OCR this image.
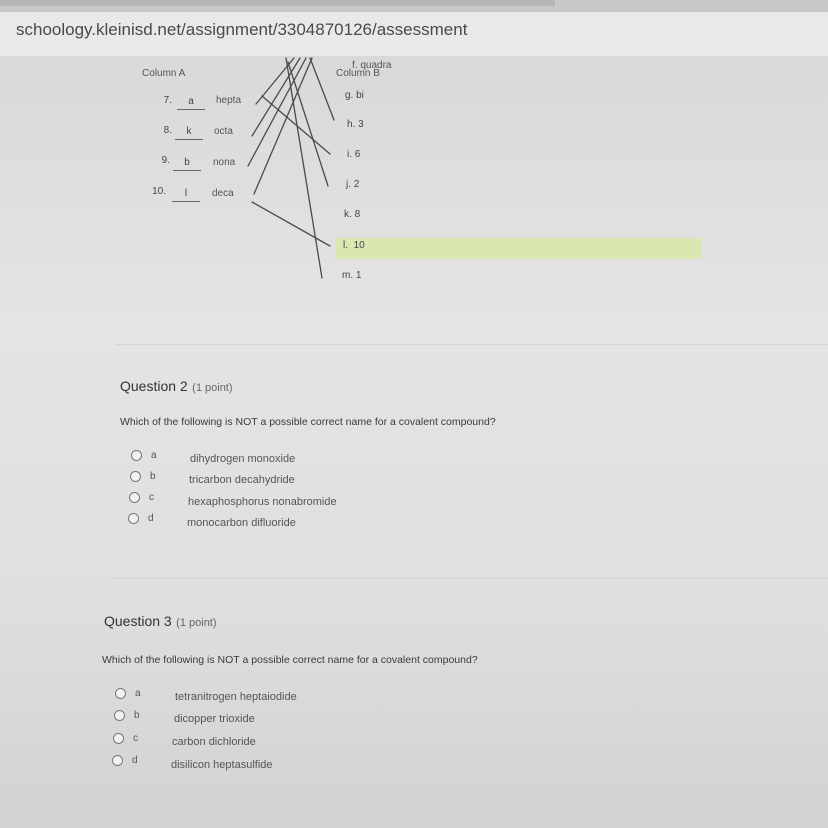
schoology.kleinisd.net/assignment/3304870126/assessment
Column A	Column B
f. quadra
7.	a	hepta
8.	k	octa
9.	b	nona
10.	l	deca
g. bi
h. 3
i. 6
j. 2
k. 8
l. 10
m. 1
Question 2 (1 point)
Which of the following is NOT a possible correct name for a covalent compound?
a	dihydrogen monoxide
b	tricarbon decahydride
c	hexaphosphorus nonabromide
d	monocarbon difluoride
Question 3 (1 point)
Which of the following is NOT a possible correct name for a covalent compound?
a	tetranitrogen heptaiodide
b	dicopper trioxide
c	carbon dichloride
d	disilicon heptasulfide
